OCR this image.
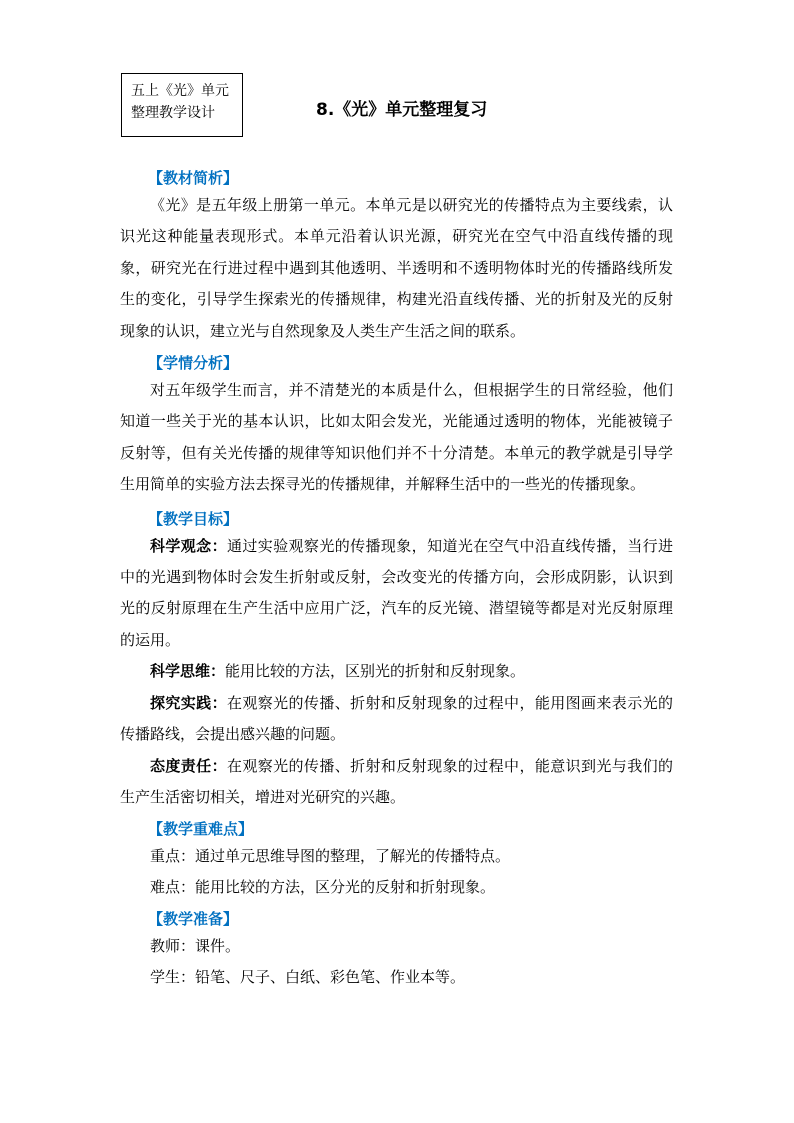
五上《光》单元
整理教学设计	8.《光》单元整理复习

【教材简析】

《光》是五年级上册第一单元。本单元是以研究光的传播特点为主要线索，认识光这种能量表现形式。本单元沿着认识光源，研究光在空气中沿直线传播的现象，研究光在行进过程中遇到其他透明、半透明和不透明物体时光的传播路线所发生的变化，引导学生探索光的传播规律，构建光沿直线传播、光的折射及光的反射现象的认识，建立光与自然现象及人类生产生活之间的联系。

【学情分析】

对五年级学生而言，并不清楚光的本质是什么，但根据学生的日常经验，他们知道一些关于光的基本认识，比如太阳会发光，光能通过透明的物体，光能被镜子反射等，但有关光传播的规律等知识他们并不十分清楚。本单元的教学就是引导学生用简单的实验方法去探寻光的传播规律，并解释生活中的一些光的传播现象。

【教学目标】

科学观念：通过实验观察光的传播现象，知道光在空气中沿直线传播，当行进中的光遇到物体时会发生折射或反射，会改变光的传播方向，会形成阴影，认识到光的反射原理在生产生活中应用广泛，汽车的反光镜、潜望镜等都是对光反射原理的运用。

科学思维：能用比较的方法，区别光的折射和反射现象。

探究实践：在观察光的传播、折射和反射现象的过程中，能用图画来表示光的传播路线，会提出感兴趣的问题。

态度责任：在观察光的传播、折射和反射现象的过程中，能意识到光与我们的生产生活密切相关，增进对光研究的兴趣。

【教学重难点】

重点：通过单元思维导图的整理，了解光的传播特点。

难点：能用比较的方法，区分光的反射和折射现象。

【教学准备】

教师：课件。

学生：铅笔、尺子、白纸、彩色笔、作业本等。
